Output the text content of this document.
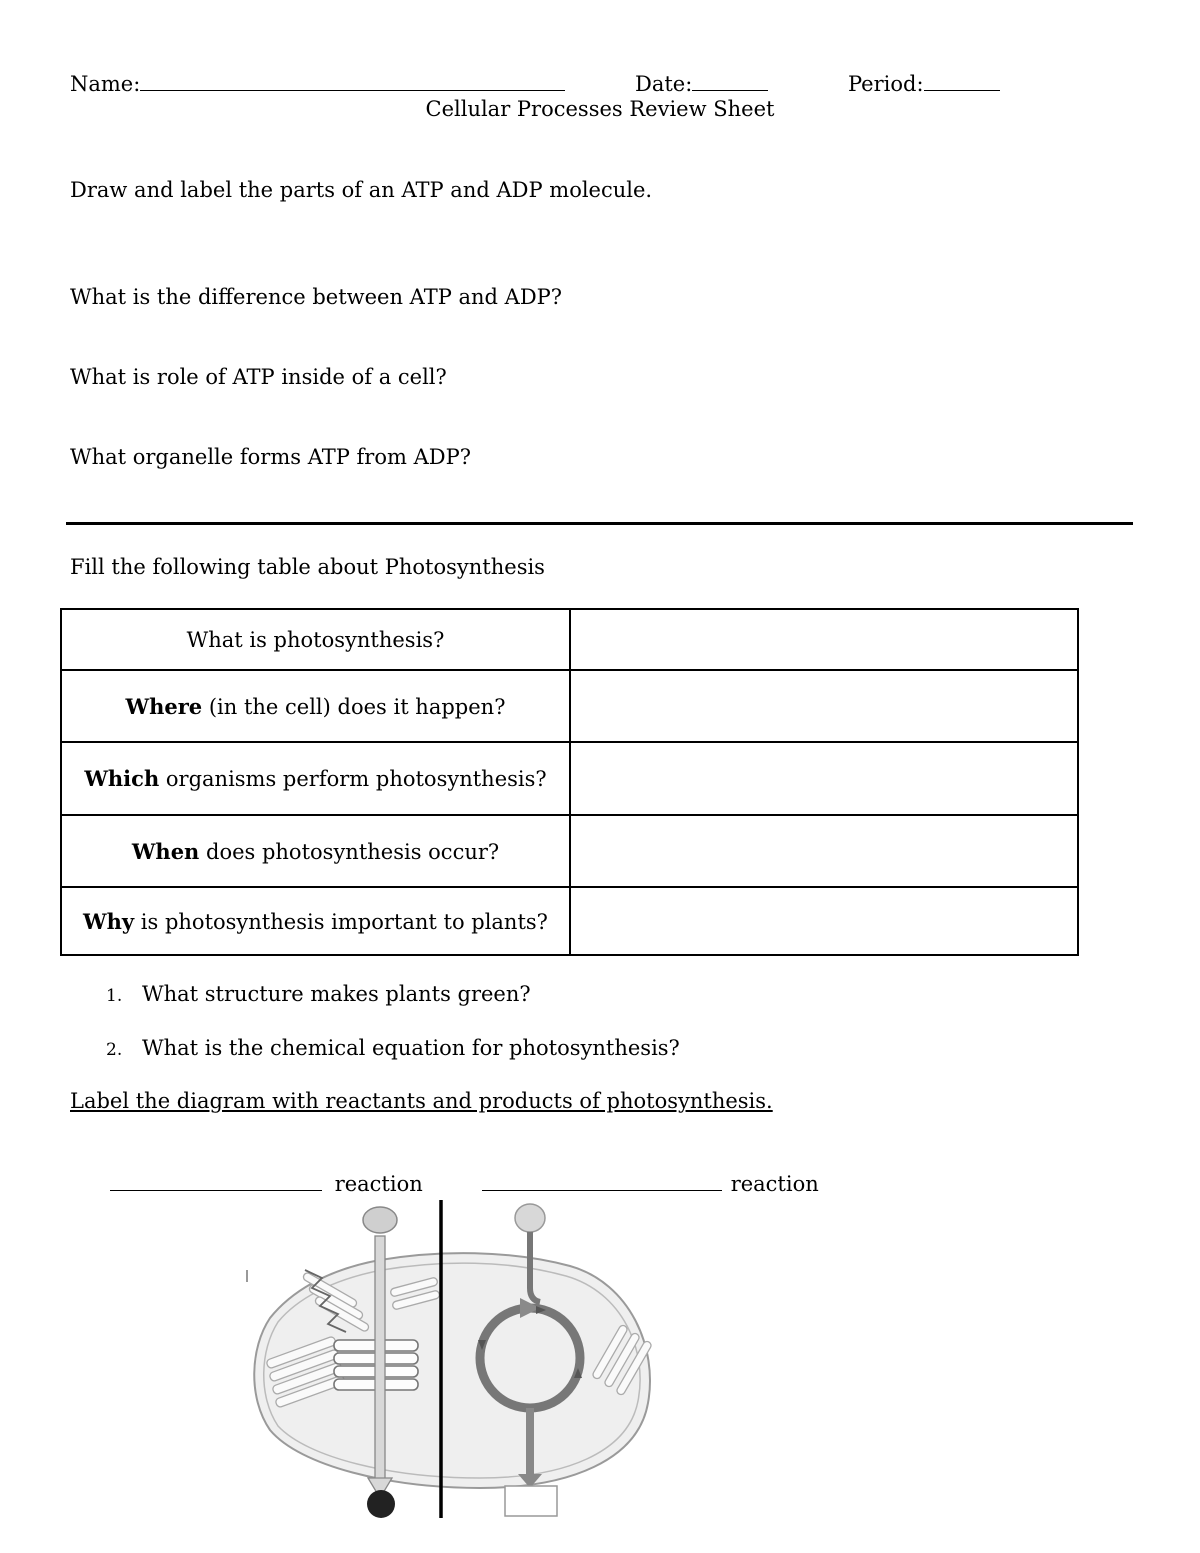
Name:	Date:	Period:
Cellular Processes Review Sheet
Draw and label the parts of an ATP and ADP molecule.
What is the difference between ATP and ADP?
What is role of ATP inside of a cell?
What organelle forms ATP from ADP?
Fill the following table about Photosynthesis
What is photosynthesis?	
Where (in the cell) does it happen?	
Which organisms perform photosynthesis?	
When does photosynthesis occur?	
Why is photosynthesis important to plants?	
1. What structure makes plants green?
2. What is the chemical equation for photosynthesis?
Label the diagram with reactants and products of photosynthesis.
reaction	reaction
